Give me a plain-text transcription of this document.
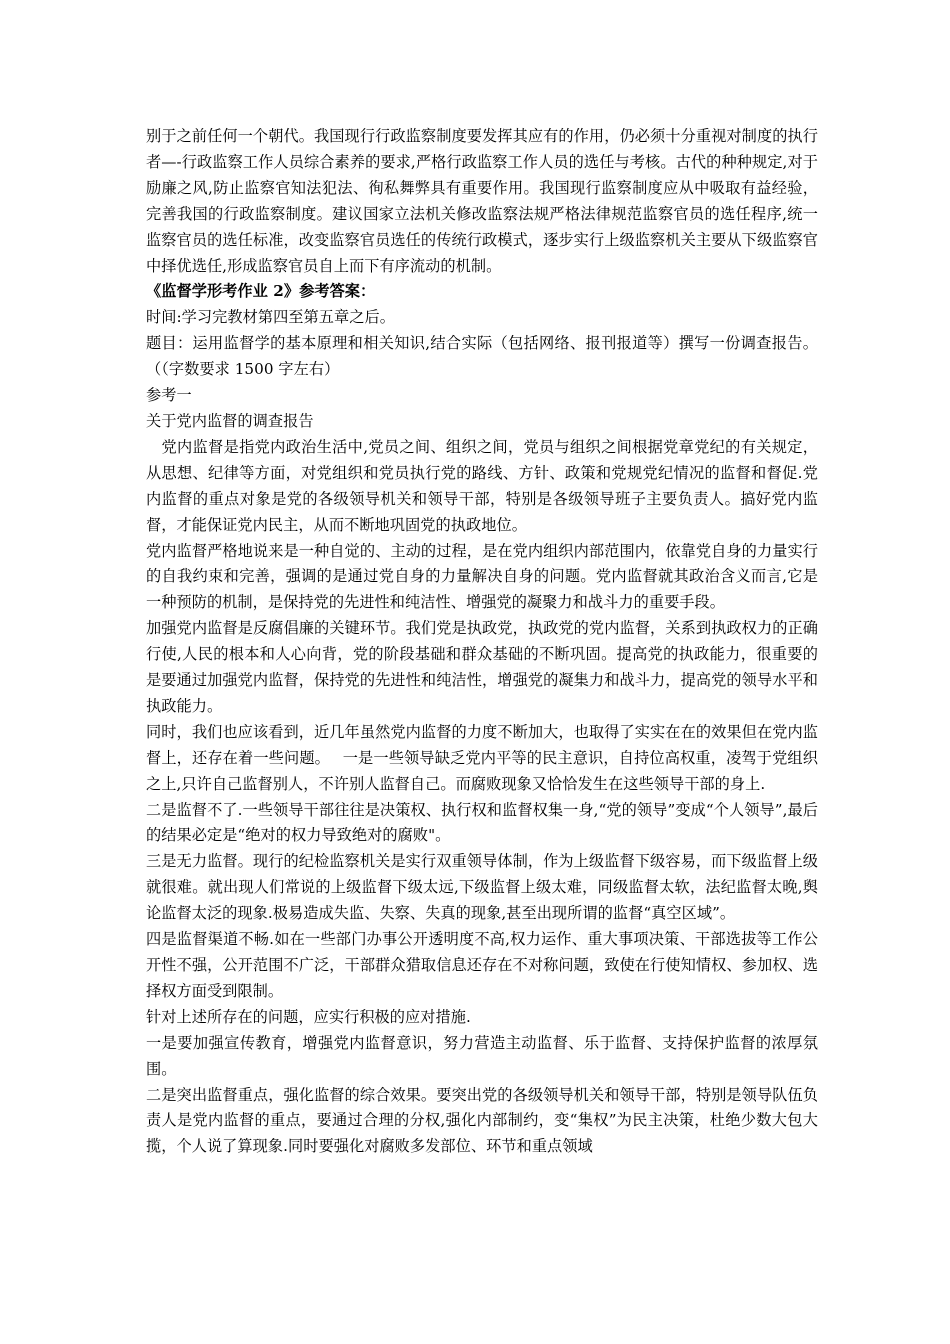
别于之前任何一个朝代。我国现行行政监察制度要发挥其应有的作用，仍必须十分重视对制度的执行者—-行政监察工作人员综合素养的要求,严格行政监察工作人员的选任与考核。古代的种种规定,对于励廉之风,防止监察官知法犯法、徇私舞弊具有重要作用。我国现行监察制度应从中吸取有益经验，完善我国的行政监察制度。建议国家立法机关修改监察法规严格法律规范监察官员的选任程序,统一监察官员的选任标准，改变监察官员选任的传统行政模式，逐步实行上级监察机关主要从下级监察官中择优选任,形成监察官员自上而下有序流动的机制。

《监督学形考作业 2》参考答案：

时间:学习完教材第四至第五章之后。

题目：运用监督学的基本原理和相关知识,结合实际（包括网络、报刊报道等）撰写一份调查报告。（（字数要求 1500 字左右）

参考一

关于党内监督的调查报告

　党内监督是指党内政治生活中,党员之间、组织之间，党员与组织之间根据党章党纪的有关规定，从思想、纪律等方面，对党组织和党员执行党的路线、方针、政策和党规党纪情况的监督和督促.党内监督的重点对象是党的各级领导机关和领导干部，特别是各级领导班子主要负责人。搞好党内监督，才能保证党内民主，从而不断地巩固党的执政地位。

党内监督严格地说来是一种自觉的、主动的过程，是在党内组织内部范围内，依靠党自身的力量实行的自我约束和完善，强调的是通过党自身的力量解决自身的问题。党内监督就其政治含义而言,它是一种预防的机制，是保持党的先进性和纯洁性、增强党的凝聚力和战斗力的重要手段。

加强党内监督是反腐倡廉的关键环节。我们党是执政党，执政党的党内监督，关系到执政权力的正确行使,人民的根本和人心向背，党的阶段基础和群众基础的不断巩固。提高党的执政能力，很重要的是要通过加强党内监督，保持党的先进性和纯洁性，增强党的凝集力和战斗力，提高党的领导水平和执政能力。

同时，我们也应该看到，近几年虽然党内监督的力度不断加大，也取得了实实在在的效果但在党内监督上，还存在着一些问题。　 一是一些领导缺乏党内平等的民主意识，自持位高权重，凌驾于党组织之上,只许自己监督别人，不许别人监督自己。而腐败现象又恰恰发生在这些领导干部的身上.

二是监督不了.一些领导干部往往是决策权、执行权和监督权集一身,“党的领导”变成“个人领导”,最后的结果必定是“绝对的权力导致绝对的腐败"。

三是无力监督。现行的纪检监察机关是实行双重领导体制，作为上级监督下级容易，而下级监督上级就很难。就出现人们常说的上级监督下级太远,下级监督上级太难，同级监督太软，法纪监督太晚,舆论监督太泛的现象.极易造成失监、失察、失真的现象,甚至出现所谓的监督“真空区域”。

四是监督渠道不畅.如在一些部门办事公开透明度不高,权力运作、重大事项决策、干部选拔等工作公开性不强，公开范围不广泛，干部群众猎取信息还存在不对称问题，致使在行使知情权、参加权、选择权方面受到限制。

针对上述所存在的问题，应实行积极的应对措施.

一是要加强宣传教育，增强党内监督意识，努力营造主动监督、乐于监督、支持保护监督的浓厚氛围。

二是突出监督重点，强化监督的综合效果。要突出党的各级领导机关和领导干部，特别是领导队伍负责人是党内监督的重点，要通过合理的分权,强化内部制约，变“集权”为民主决策，杜绝少数大包大揽，个人说了算现象.同时要强化对腐败多发部位、环节和重点领域
